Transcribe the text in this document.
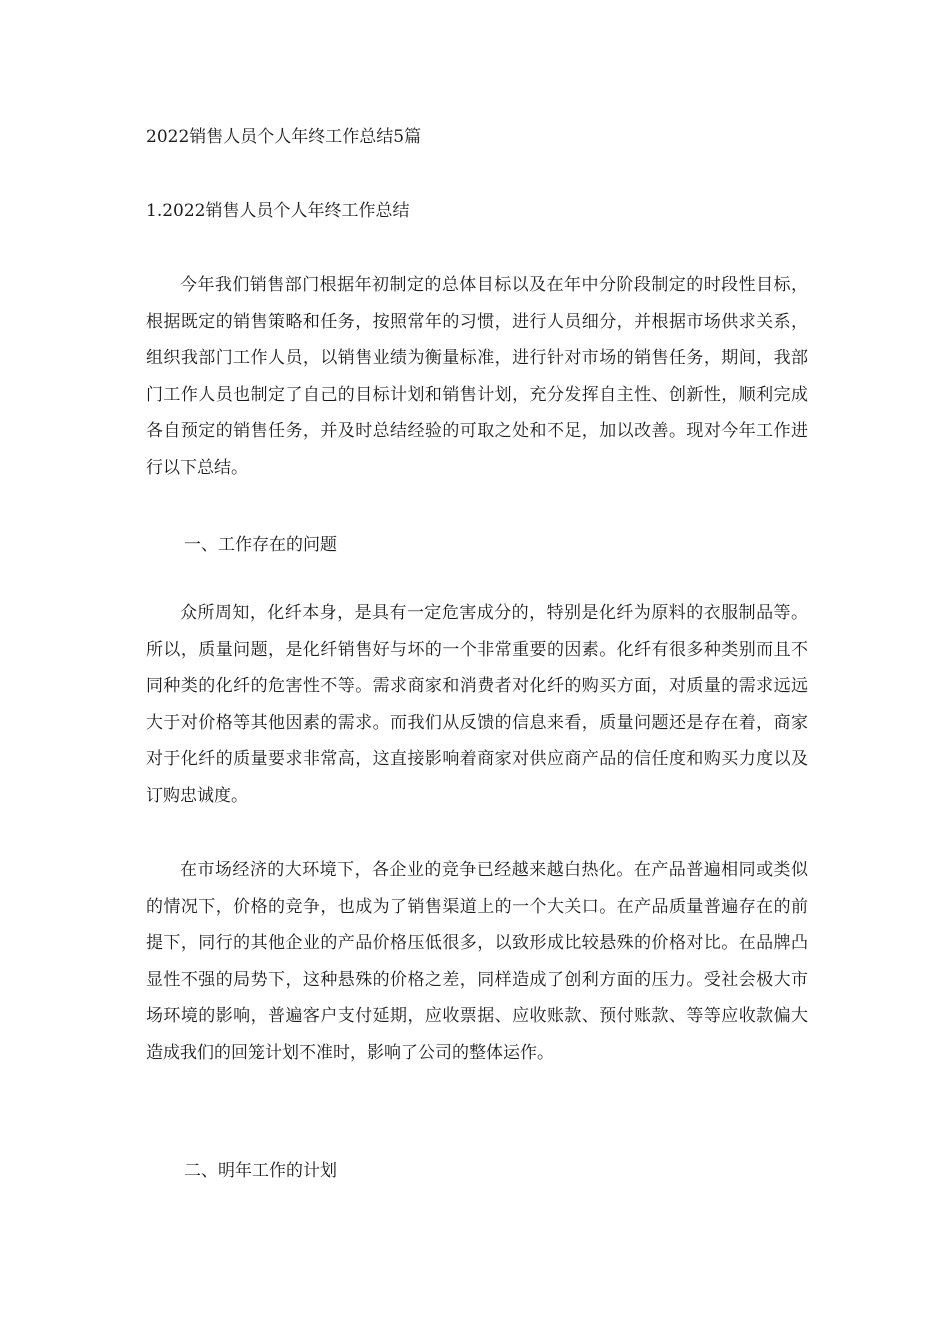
2022销售人员个人年终工作总结5篇
1.2022销售人员个人年终工作总结

今年我们销售部门根据年初制定的总体目标以及在年中分阶段制定的时段性目标，根据既定的销售策略和任务，按照常年的习惯，进行人员细分，并根据市场供求关系，组织我部门工作人员，以销售业绩为衡量标准，进行针对市场的销售任务，期间，我部门工作人员也制定了自己的目标计划和销售计划，充分发挥自主性、创新性，顺利完成各自预定的销售任务，并及时总结经验的可取之处和不足，加以改善。现对今年工作进行以下总结。

一、工作存在的问题

众所周知，化纤本身，是具有一定危害成分的，特别是化纤为原料的衣服制品等。所以，质量问题，是化纤销售好与坏的一个非常重要的因素。化纤有很多种类别而且不同种类的化纤的危害性不等。需求商家和消费者对化纤的购买方面，对质量的需求远远大于对价格等其他因素的需求。而我们从反馈的信息来看，质量问题还是存在着，商家对于化纤的质量要求非常高，这直接影响着商家对供应商产品的信任度和购买力度以及订购忠诚度。

在市场经济的大环境下，各企业的竞争已经越来越白热化。在产品普遍相同或类似的情况下，价格的竞争，也成为了销售渠道上的一个大关口。在产品质量普遍存在的前提下，同行的其他企业的产品价格压低很多，以致形成比较悬殊的价格对比。在品牌凸显性不强的局势下，这种悬殊的价格之差，同样造成了创利方面的压力。受社会极大市场环境的影响，普遍客户支付延期，应收票据、应收账款、预付账款、等等应收款偏大造成我们的回笼计划不准时，影响了公司的整体运作。

二、明年工作的计划
